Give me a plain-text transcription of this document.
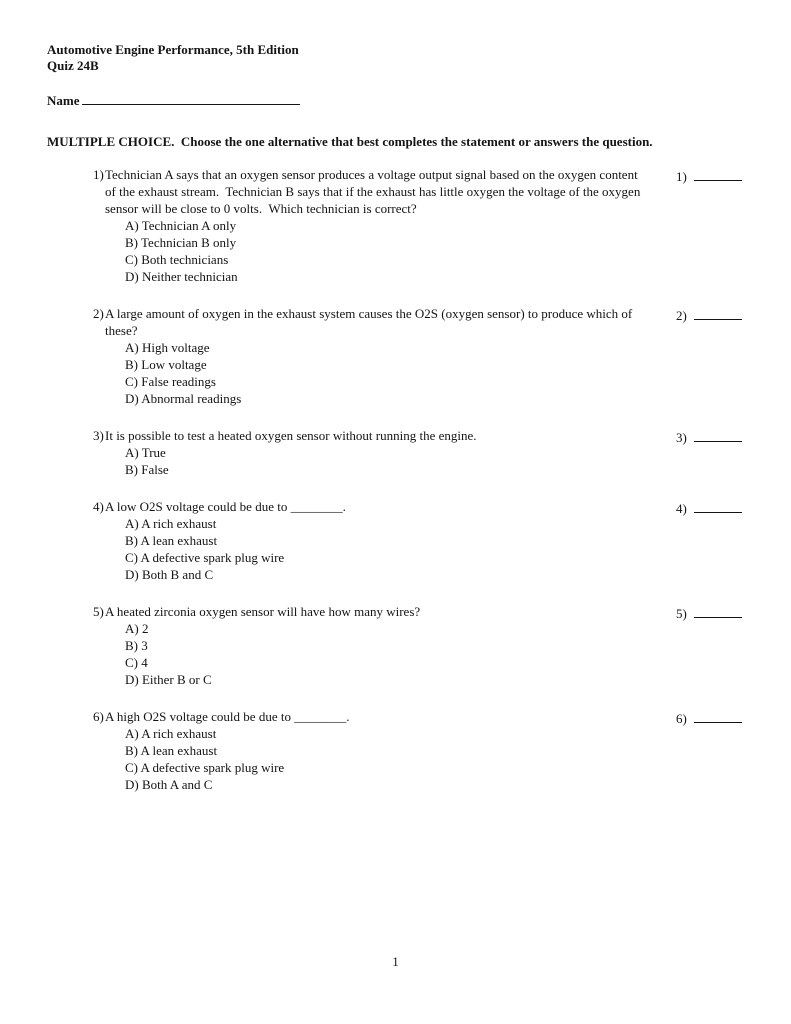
Automotive Engine Performance, 5th Edition
Quiz 24B
Name
MULTIPLE CHOICE.  Choose the one alternative that best completes the statement or answers the question.
1) Technician A says that an oxygen sensor produces a voltage output signal based on the oxygen content of the exhaust stream.  Technician B says that if the exhaust has little oxygen the voltage of the oxygen sensor will be close to 0 volts.  Which technician is correct?
A) Technician A only
B) Technician B only
C) Both technicians
D) Neither technician
1)
2) A large amount of oxygen in the exhaust system causes the O2S (oxygen sensor) to produce which of these?
A) High voltage
B) Low voltage
C) False readings
D) Abnormal readings
2)
3) It is possible to test a heated oxygen sensor without running the engine.
A) True
B) False
3)
4) A low O2S voltage could be due to ________.
A) A rich exhaust
B) A lean exhaust
C) A defective spark plug wire
D) Both B and C
4)
5) A heated zirconia oxygen sensor will have how many wires?
A) 2
B) 3
C) 4
D) Either B or C
5)
6) A high O2S voltage could be due to ________.
A) A rich exhaust
B) A lean exhaust
C) A defective spark plug wire
D) Both A and C
6)
1
